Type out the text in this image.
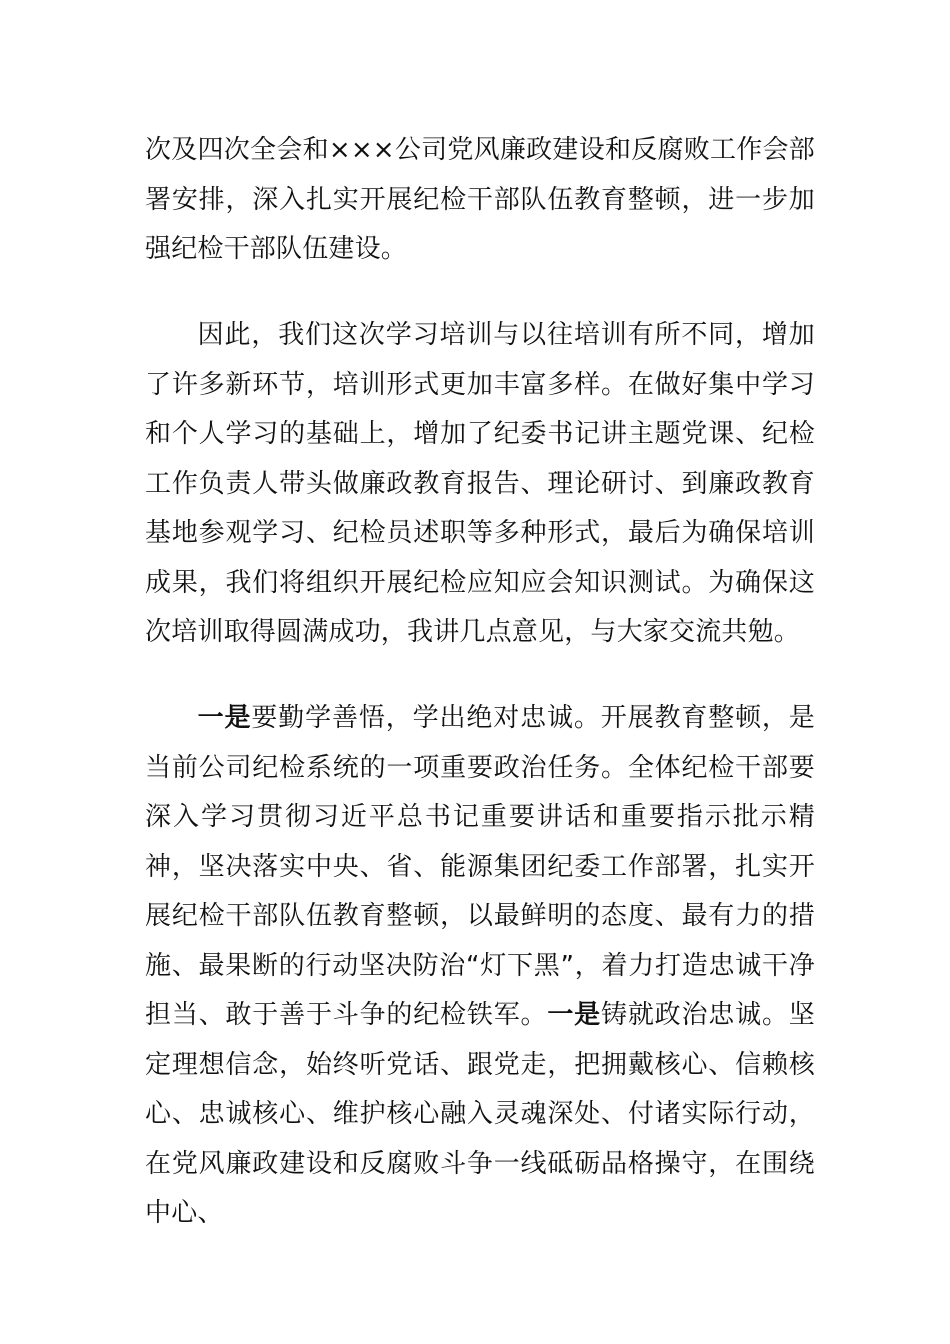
次及四次全会和×××公司党风廉政建设和反腐败工作会部署安排，深入扎实开展纪检干部队伍教育整顿，进一步加强纪检干部队伍建设。

因此，我们这次学习培训与以往培训有所不同，增加了许多新环节，培训形式更加丰富多样。在做好集中学习和个人学习的基础上，增加了纪委书记讲主题党课、纪检工作负责人带头做廉政教育报告、理论研讨、到廉政教育基地参观学习、纪检员述职等多种形式，最后为确保培训成果，我们将组织开展纪检应知应会知识测试。为确保这次培训取得圆满成功，我讲几点意见，与大家交流共勉。

一是要勤学善悟，学出绝对忠诚。开展教育整顿，是当前公司纪检系统的一项重要政治任务。全体纪检干部要深入学习贯彻习近平总书记重要讲话和重要指示批示精神，坚决落实中央、省、能源集团纪委工作部署，扎实开展纪检干部队伍教育整顿，以最鲜明的态度、最有力的措施、最果断的行动坚决防治“灯下黑”，着力打造忠诚干净担当、敢于善于斗争的纪检铁军。一是铸就政治忠诚。坚定理想信念，始终听党话、跟党走，把拥戴核心、信赖核心、忠诚核心、维护核心融入灵魂深处、付诸实际行动，在党风廉政建设和反腐败斗争一线砥砺品格操守，在围绕中心、
